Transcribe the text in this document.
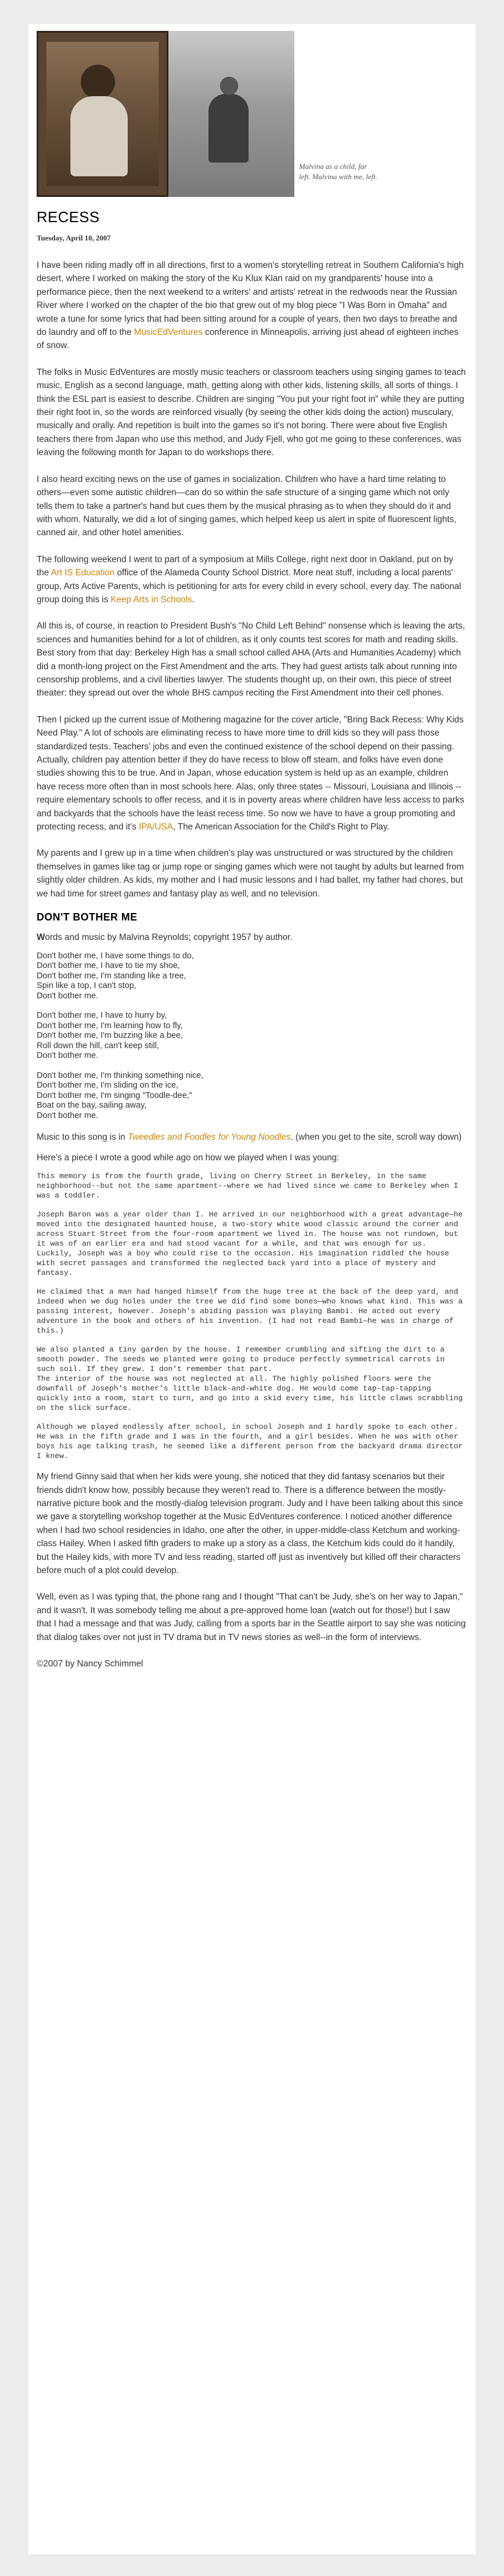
Malvina as a child, far left. Malvina with me, left.
RECESS
Tuesday, April 10, 2007

I have been riding madly off in all directions, first to a women's storytelling retreat in Southern California's high desert, where I worked on making the story of the Ku Klux Klan raid on my grandparents' house into a performance piece, then the next weekend to a writers' and artists' retreat in the redwoods near the Russian River where I worked on the chapter of the bio that grew out of my blog piece "I Was Born in Omaha" and wrote a tune for some lyrics that had been sitting around for a couple of years, then two days to breathe and do laundry and off to the MusicEdVentures conference in Minneapolis, arriving just ahead of eighteen inches of snow.

The folks in Music EdVentures are mostly music teachers or classroom teachers using singing games to teach music, English as a second language, math, getting along with other kids, listening skills, all sorts of things. I think the ESL part is easiest to describe. Children are singing "You put your right foot in" while they are putting their right foot in, so the words are reinforced visually (by seeing the other kids doing the action) musculary, musically and orally. And repetition is built into the games so it's not boring. There were about five English teachers there from Japan who use this method, and Judy Fjell, who got me going to these conferences, was leaving the following month for Japan to do workshops there.

I also heard exciting news on the use of games in socialization. Children who have a hard time relating to others—even some autistic children—can do so within the safe structure of a singing game which not only tells them to take a partner's hand but cues them by the musical phrasing as to when they should do it and with whom. Naturally, we did a lot of singing games, which helped keep us alert in spite of fluorescent lights, canned air, and other hotel amenities.

The following weekend I went to part of a symposium at Mills College, right next door in Oakland, put on by the Art IS Education office of the Alameda County School District. More neat stuff, including a local parents' group, Arts Active Parents, which is petitioning for arts for every child in every school, every day. The national group doing this is Keep Arts in Schools.

All this is, of course, in reaction to President Bush's "No Child Left Behind" nonsense which is leaving the arts, sciences and humanities behind for a lot of children, as it only counts test scores for math and reading skills. Best story from that day: Berkeley High has a small school called AHA (Arts and Humanities Academy) which did a month-long project on the First Amendment and the arts. They had guest artists talk about running into censorship problems, and a civil liberties lawyer. The students thought up, on their own, this piece of street theater: they spread out over the whole BHS campus reciting the First Amendment into their cell phones.

Then I picked up the current issue of Mothering magazine for the cover article, "Bring Back Recess: Why Kids Need Play." A lot of schools are eliminating recess to have more time to drill kids so they will pass those standardized tests. Teachers' jobs and even the continued existence of the school depend on their passing. Actually, children pay attention better if they do have recess to blow off steam, and folks have even done studies showing this to be true. And in Japan, whose education system is held up as an example, children have recess more often than in most schools here. Alas, only three states -- Missouri, Louisiana and Illinois -- require elementary schools to offer recess, and it is in poverty areas where children have less access to parks and backyards that the schools have the least recess time. So now we have to have a group promoting and protecting recess, and it's IPA/USA, The American Association for the Child's Right to Play.

My parents and I grew up in a time when children's play was unstructured or was structured by the children themselves in games like tag or jump rope or singing games which were not taught by adults but learned from slightly older children. As kids, my mother and I had music lessons and I had ballet, my father had chores, but we had time for street games and fantasy play as well, and no television.

DON'T BOTHER ME
Words and music by Malvina Reynolds; copyright 1957 by author.
Don't bother me, I have some things to do,
Don't bother me, I have to tie my shoe,
Don't bother me, I'm standing like a tree,
Spin like a top, I can't stop,
Don't bother me.
Don't bother me, I have to hurry by,
Don't bother me, I'm learning how to fly,
Don't bother me, I'm buzzing like a bee,
Roll down the hill, can't keep still,
Don't bother me.
Don't bother me, I'm thinking something nice,
Don't bother me, I'm sliding on the ice,
Don't bother me, I'm singing "Toodle-dee,"
Boat on the bay, sailing away,
Don't bother me.

Music to this song is in Tweedles and Foodles for Young Noodles. (when you get to the site, scroll way down)

Here's a piece I wrote a good while ago on how we played when I was young:

This memory is from the fourth grade, living on Cherry Street in Berkeley, in the same neighborhood--but not the same apartment--where we had lived since we came to Berkeley when I was a toddler.

Joseph Baron was a year older than I. He arrived in our neighborhood with a great advantage—he moved into the designated haunted house, a two-story white wood classic around the corner and across Stuart Street from the four-room apartment we lived in. The house was not rundown, but it was of an earlier era and had stood vacant for a while, and that was enough for us. Luckily, Joseph was a boy who could rise to the occasion. His imagination riddled the house with secret passages and transformed the neglected back yard into a place of mystery and fantasy.

He claimed that a man had hanged himself from the huge tree at the back of the deep yard, and indeed when we dug holes under the tree we did find some bones—who knows what kind. This was a passing interest, however. Joseph's abiding passion was playing Bambi. He acted out every adventure in the book and others of his invention. (I had not read Bambi—he was in charge of this.)

We also planted a tiny garden by the house. I remember crumbling and sifting the dirt to a smooth powder. The seeds we planted were going to produce perfectly symmetrical carrots in such soil. If they grew. I don't remember that part.
The interior of the house was not neglected at all. The highly polished floors were the downfall of Joseph's mother's little black-and-white dog. He would come tap-tap-tapping quickly into a room, start to turn, and go into a skid every time, his little claws scrabbling on the slick surface.

Although we played endlessly after school, in school Joseph and I hardly spoke to each other. He was in the fifth grade and I was in the fourth, and a girl besides. When he was with other boys his age talking trash, he seemed like a different person from the backyard drama director I knew.

My friend Ginny said that when her kids were young, she noticed that they did fantasy scenarios but their friends didn't know how, possibly because they weren't read to. There is a difference between the mostly-narrative picture book and the mostly-dialog television program. Judy and I have been talking about this since we gave a storytelling workshop together at the Music EdVentures conference. I noticed another difference when I had two school residencies in Idaho, one after the other, in upper-middle-class Ketchum and working-class Hailey. When I asked fifth graders to make up a story as a class, the Ketchum kids could do it handily, but the Hailey kids, with more TV and less reading, started off just as inventively but killed off their characters before much of a plot could develop.

Well, even as I was typing that, the phone rang and I thought "That can't be Judy, she's on her way to Japan," and it wasn't. It was somebody telling me about a pre-approved home loan (watch out for those!) but I saw that I had a message and that was Judy, calling from a sports bar in the Seattle airport to say she was noticing that dialog takes over not just in TV drama but in TV news stories as well--in the form of interviews.

©2007 by Nancy Schimmel
